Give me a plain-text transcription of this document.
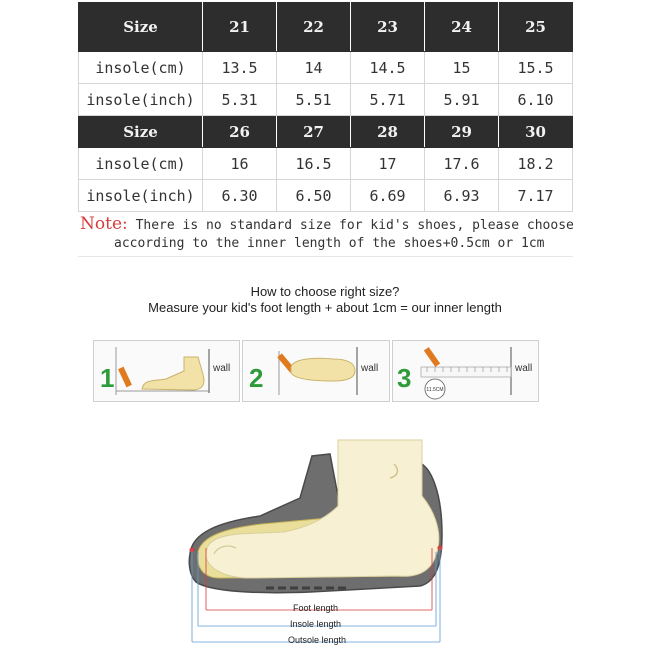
Size	21	22	23	24	25
insole(cm)	13.5	14	14.5	15	15.5
insole(inch)	5.31	5.51	5.71	5.91	6.10
Size	26	27	28	29	30
insole(cm)	16	16.5	17	17.6	18.2
insole(inch)	6.30	6.50	6.69	6.93	7.17
Note: There is no standard size for kid's shoes, please choose
according to the inner length of the shoes+0.5cm or 1cm
How to choose right size?
Measure your kid's foot length + about 1cm = our inner length
1	wall 2	wall 3	11.5CM
wall
Foot length
Insole length
Outsole length
